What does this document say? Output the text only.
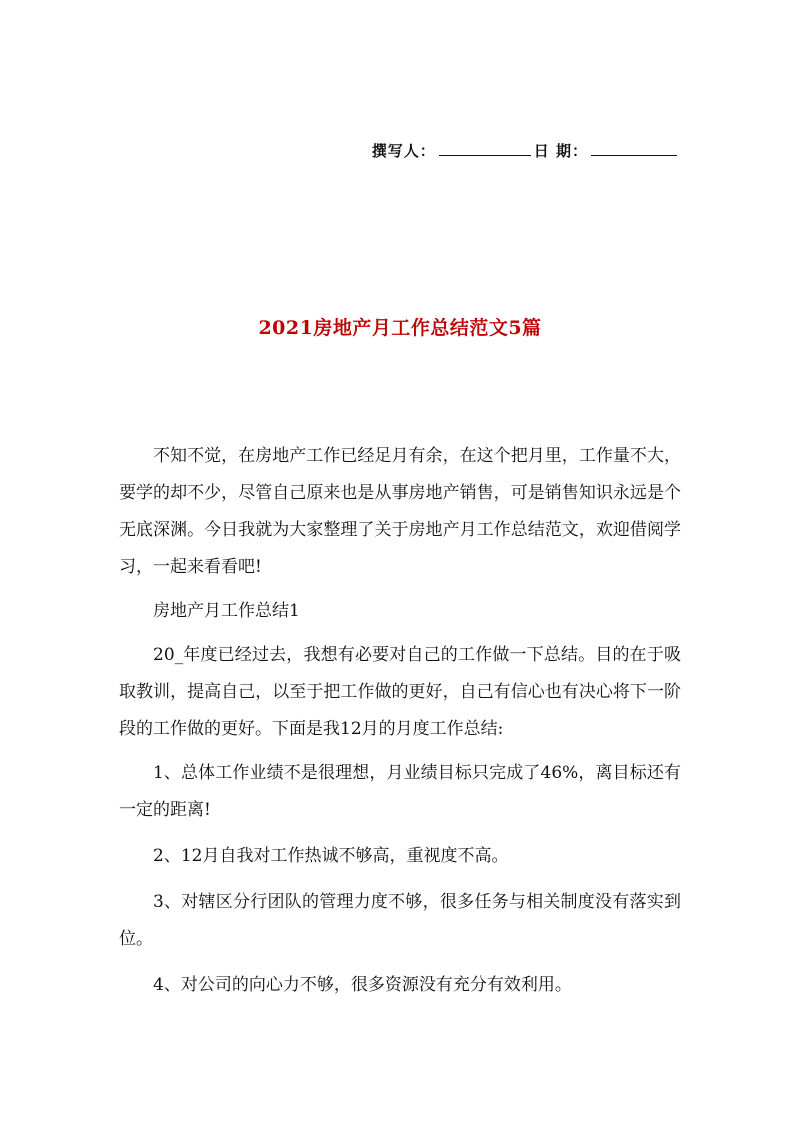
撰写人：	日 期：
2021房地产月工作总结范文5篇

不知不觉，在房地产工作已经足月有余，在这个把月里，工作量不大，要学的却不少，尽管自己原来也是从事房地产销售，可是销售知识永远是个无底深渊。今日我就为大家整理了关于房地产月工作总结范文，欢迎借阅学习，一起来看看吧!

房地产月工作总结1

20_年度已经过去，我想有必要对自己的工作做一下总结。目的在于吸取教训，提高自己，以至于把工作做的更好，自己有信心也有决心将下一阶段的工作做的更好。下面是我12月的月度工作总结:

1、总体工作业绩不是很理想，月业绩目标只完成了46%，离目标还有一定的距离!

2、12月自我对工作热诚不够高，重视度不高。

3、对辖区分行团队的管理力度不够，很多任务与相关制度没有落实到位。

4、对公司的向心力不够，很多资源没有充分有效利用。
